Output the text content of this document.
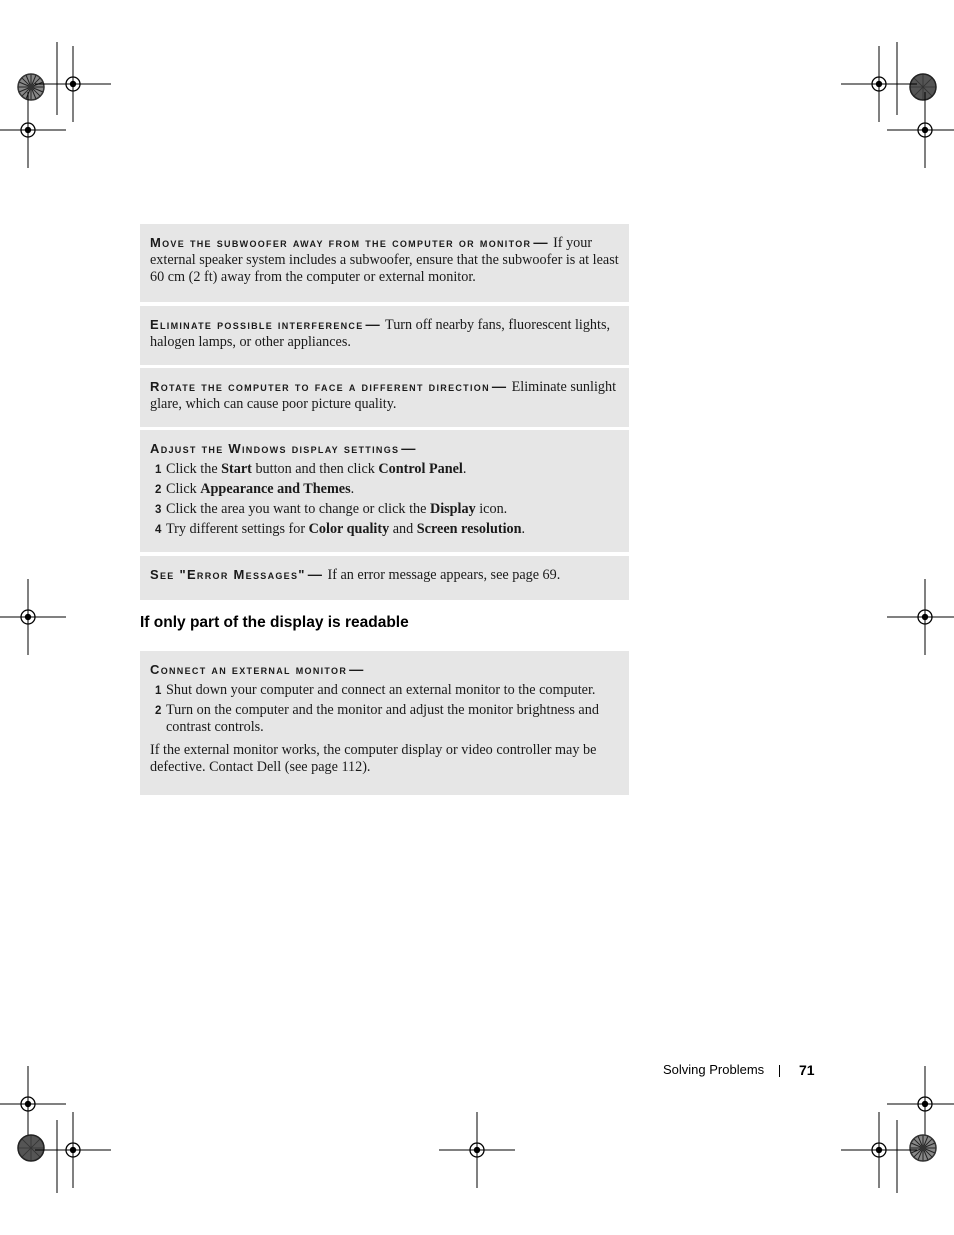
Move the subwoofer away from the computer or monitor — If your external speaker system includes a subwoofer, ensure that the subwoofer is at least 60 cm (2 ft) away from the computer or external monitor.
Eliminate possible interference — Turn off nearby fans, fluorescent lights, halogen lamps, or other appliances.
Rotate the computer to face a different direction — Eliminate sunlight glare, which can cause poor picture quality.
Adjust the Windows display settings —
1 Click the Start button and then click Control Panel.
2 Click Appearance and Themes.
3 Click the area you want to change or click the Display icon.
4 Try different settings for Color quality and Screen resolution.
See "Error Messages" — If an error message appears, see page 69.
If only part of the display is readable
Connect an external monitor —
1 Shut down your computer and connect an external monitor to the computer.
2 Turn on the computer and the monitor and adjust the monitor brightness and contrast controls.
If the external monitor works, the computer display or video controller may be defective. Contact Dell (see page 112).
Solving Problems 71
